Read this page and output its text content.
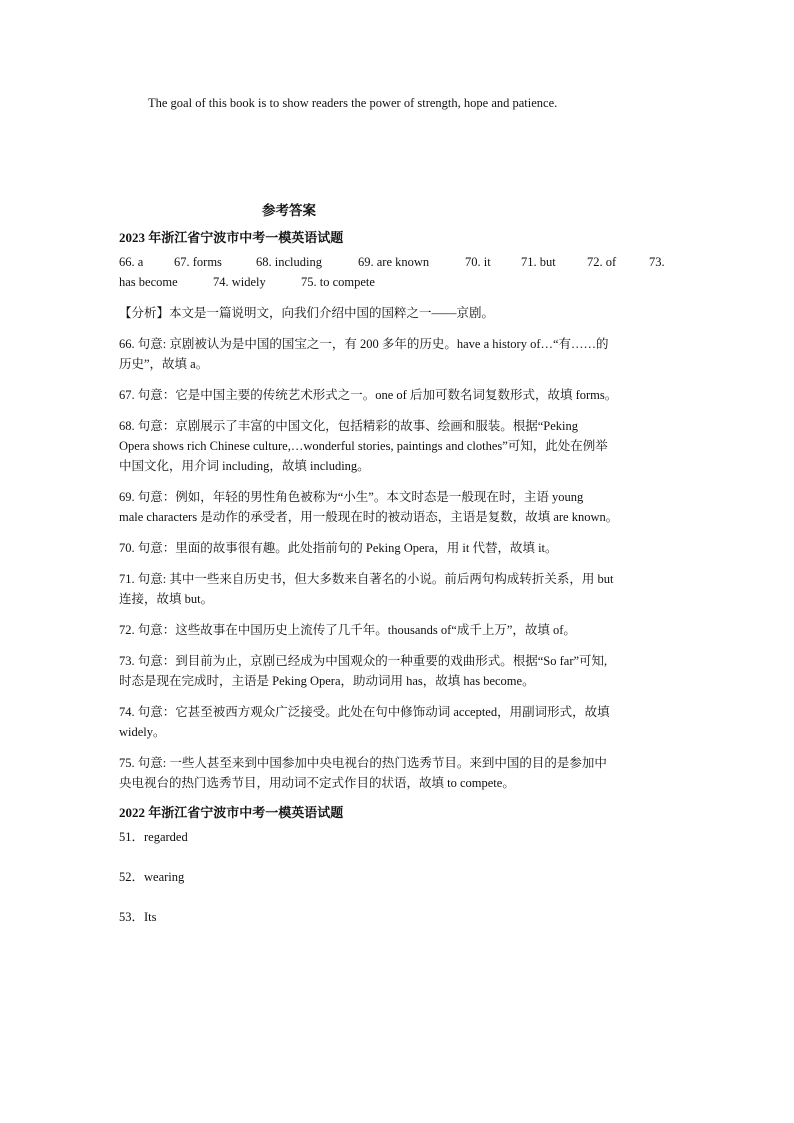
The goal of this book is to show readers the power of strength, hope and patience.
参考答案
2023 年浙江省宁波市中考一模英语试题
66. a 67. forms	68. including	69. are known	70. it 71. but	72. of	73.
has become	74. widely	75. to compete
【分析】本文是一篇说明文，向我们介绍中国的国粹之一——京剧。
66. 句意: 京剧被认为是中国的国宝之一，有 200 多年的历史。have a history of…“有……的
历史”，故填 a。
67. 句意：它是中国主要的传统艺术形式之一。one of 后加可数名词复数形式，故填 forms。
68. 句意：京剧展示了丰富的中国文化，包括精彩的故事、绘画和服装。根据“Peking
Opera shows rich Chinese culture,…wonderful stories, paintings and clothes”可知，此处在例举
中国文化，用介词 including，故填 including。
69. 句意：例如，年轻的男性角色被称为“小生”。本文时态是一般现在时，主语 young
male characters 是动作的承受者，用一般现在时的被动语态，主语是复数，故填 are known。
70. 句意：里面的故事很有趣。此处指前句的 Peking Opera，用 it 代替，故填 it。
71. 句意: 其中一些来自历史书，但大多数来自著名的小说。前后两句构成转折关系，用 but
连接，故填 but。
72. 句意：这些故事在中国历史上流传了几千年。thousands of“成千上万”，故填 of。
73. 句意：到目前为止，京剧已经成为中国观众的一种重要的戏曲形式。根据“So far”可知,
时态是现在完成时，主语是 Peking Opera，助动词用 has，故填 has become。
74. 句意：它甚至被西方观众广泛接受。此处在句中修饰动词 accepted，用副词形式，故填
widely。
75. 句意: 一些人甚至来到中国参加中央电视台的热门选秀节目。来到中国的目的是参加中
央电视台的热门选秀节目，用动词不定式作目的状语，故填 to compete。
2022 年浙江省宁波市中考一模英语试题
51．regarded
52．wearing
53．Its
